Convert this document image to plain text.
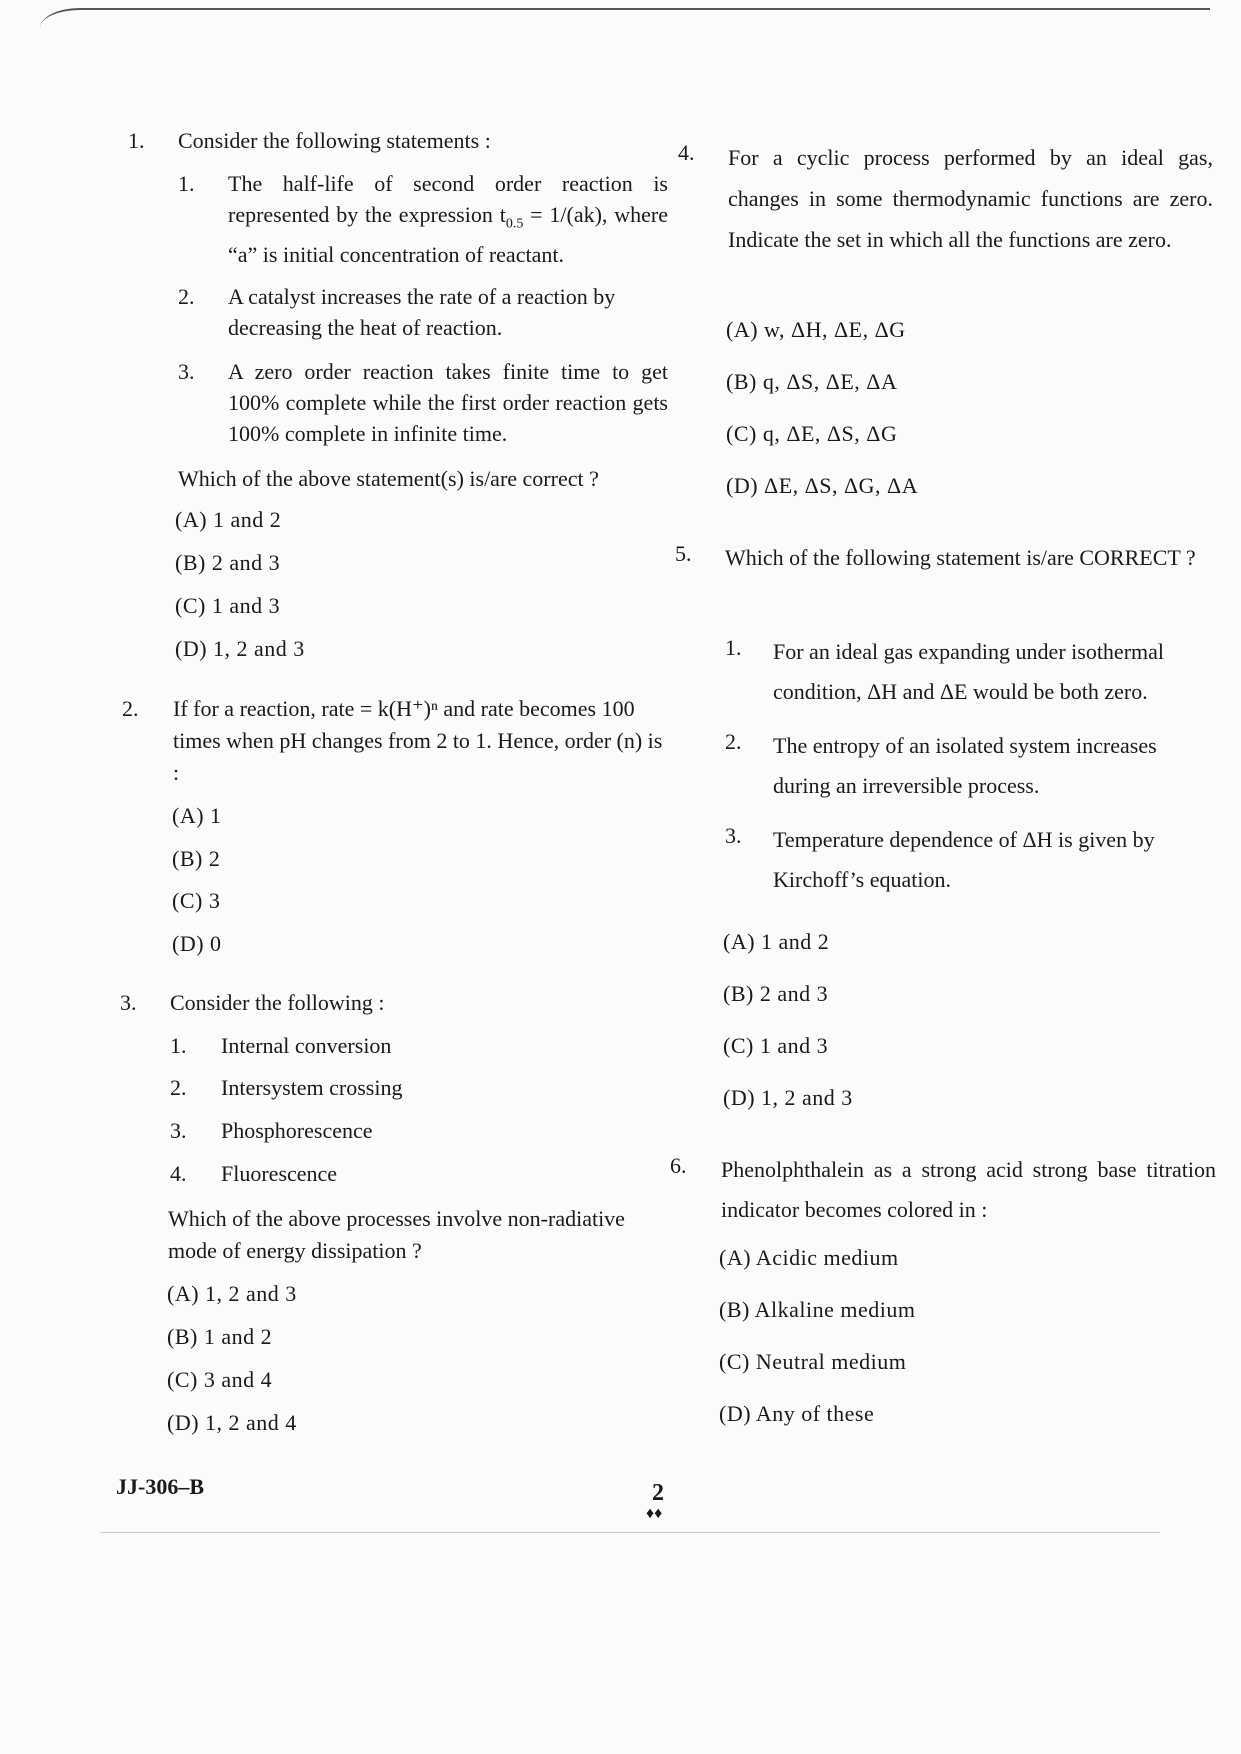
1. Consider the following statements :
1. The half-life of second order reaction is represented by the expression $t_{0.5} = 1/(ak)$, where “a” is initial concentration of reactant.
2. A catalyst increases the rate of a reaction by decreasing the heat of reaction.
3. A zero order reaction takes finite time to get 100% complete while the first order reaction gets 100% complete in infinite time.
Which of the above statement(s) is/are correct ?
(A) 1 and 2
(B) 2 and 3
(C) 1 and 3
(D) 1, 2 and 3
2. If for a reaction, rate = k(H⁺)ⁿ and rate becomes 100 times when pH changes from 2 to 1. Hence, order (n) is :
(A) 1
(B) 2
(C) 3
(D) 0
3. Consider the following :
1. Internal conversion
2. Intersystem crossing
3. Phosphorescence
4. Fluorescence
Which of the above processes involve non-radiative mode of energy dissipation ?
(A) 1, 2 and 3
(B) 1 and 2
(C) 3 and 4
(D) 1, 2 and 4
4. For a cyclic process performed by an ideal gas, changes in some thermodynamic functions are zero. Indicate the set in which all the functions are zero.
(A) w, ΔH, ΔE, ΔG
(B) q, ΔS, ΔE, ΔA
(C) q, ΔE, ΔS, ΔG
(D) ΔE, ΔS, ΔG, ΔA
5. Which of the following statement is/are CORRECT ?
1. For an ideal gas expanding under isothermal condition, ΔH and ΔE would be both zero.
2. The entropy of an isolated system increases during an irreversible process.
3. Temperature dependence of ΔH is given by Kirchoff’s equation.
(A) 1 and 2
(B) 2 and 3
(C) 1 and 3
(D) 1, 2 and 3
6. Phenolphthalein as a strong acid strong base titration indicator becomes colored in :
(A) Acidic medium
(B) Alkaline medium
(C) Neutral medium
(D) Any of these
JJ-306–B	2
♦♦
